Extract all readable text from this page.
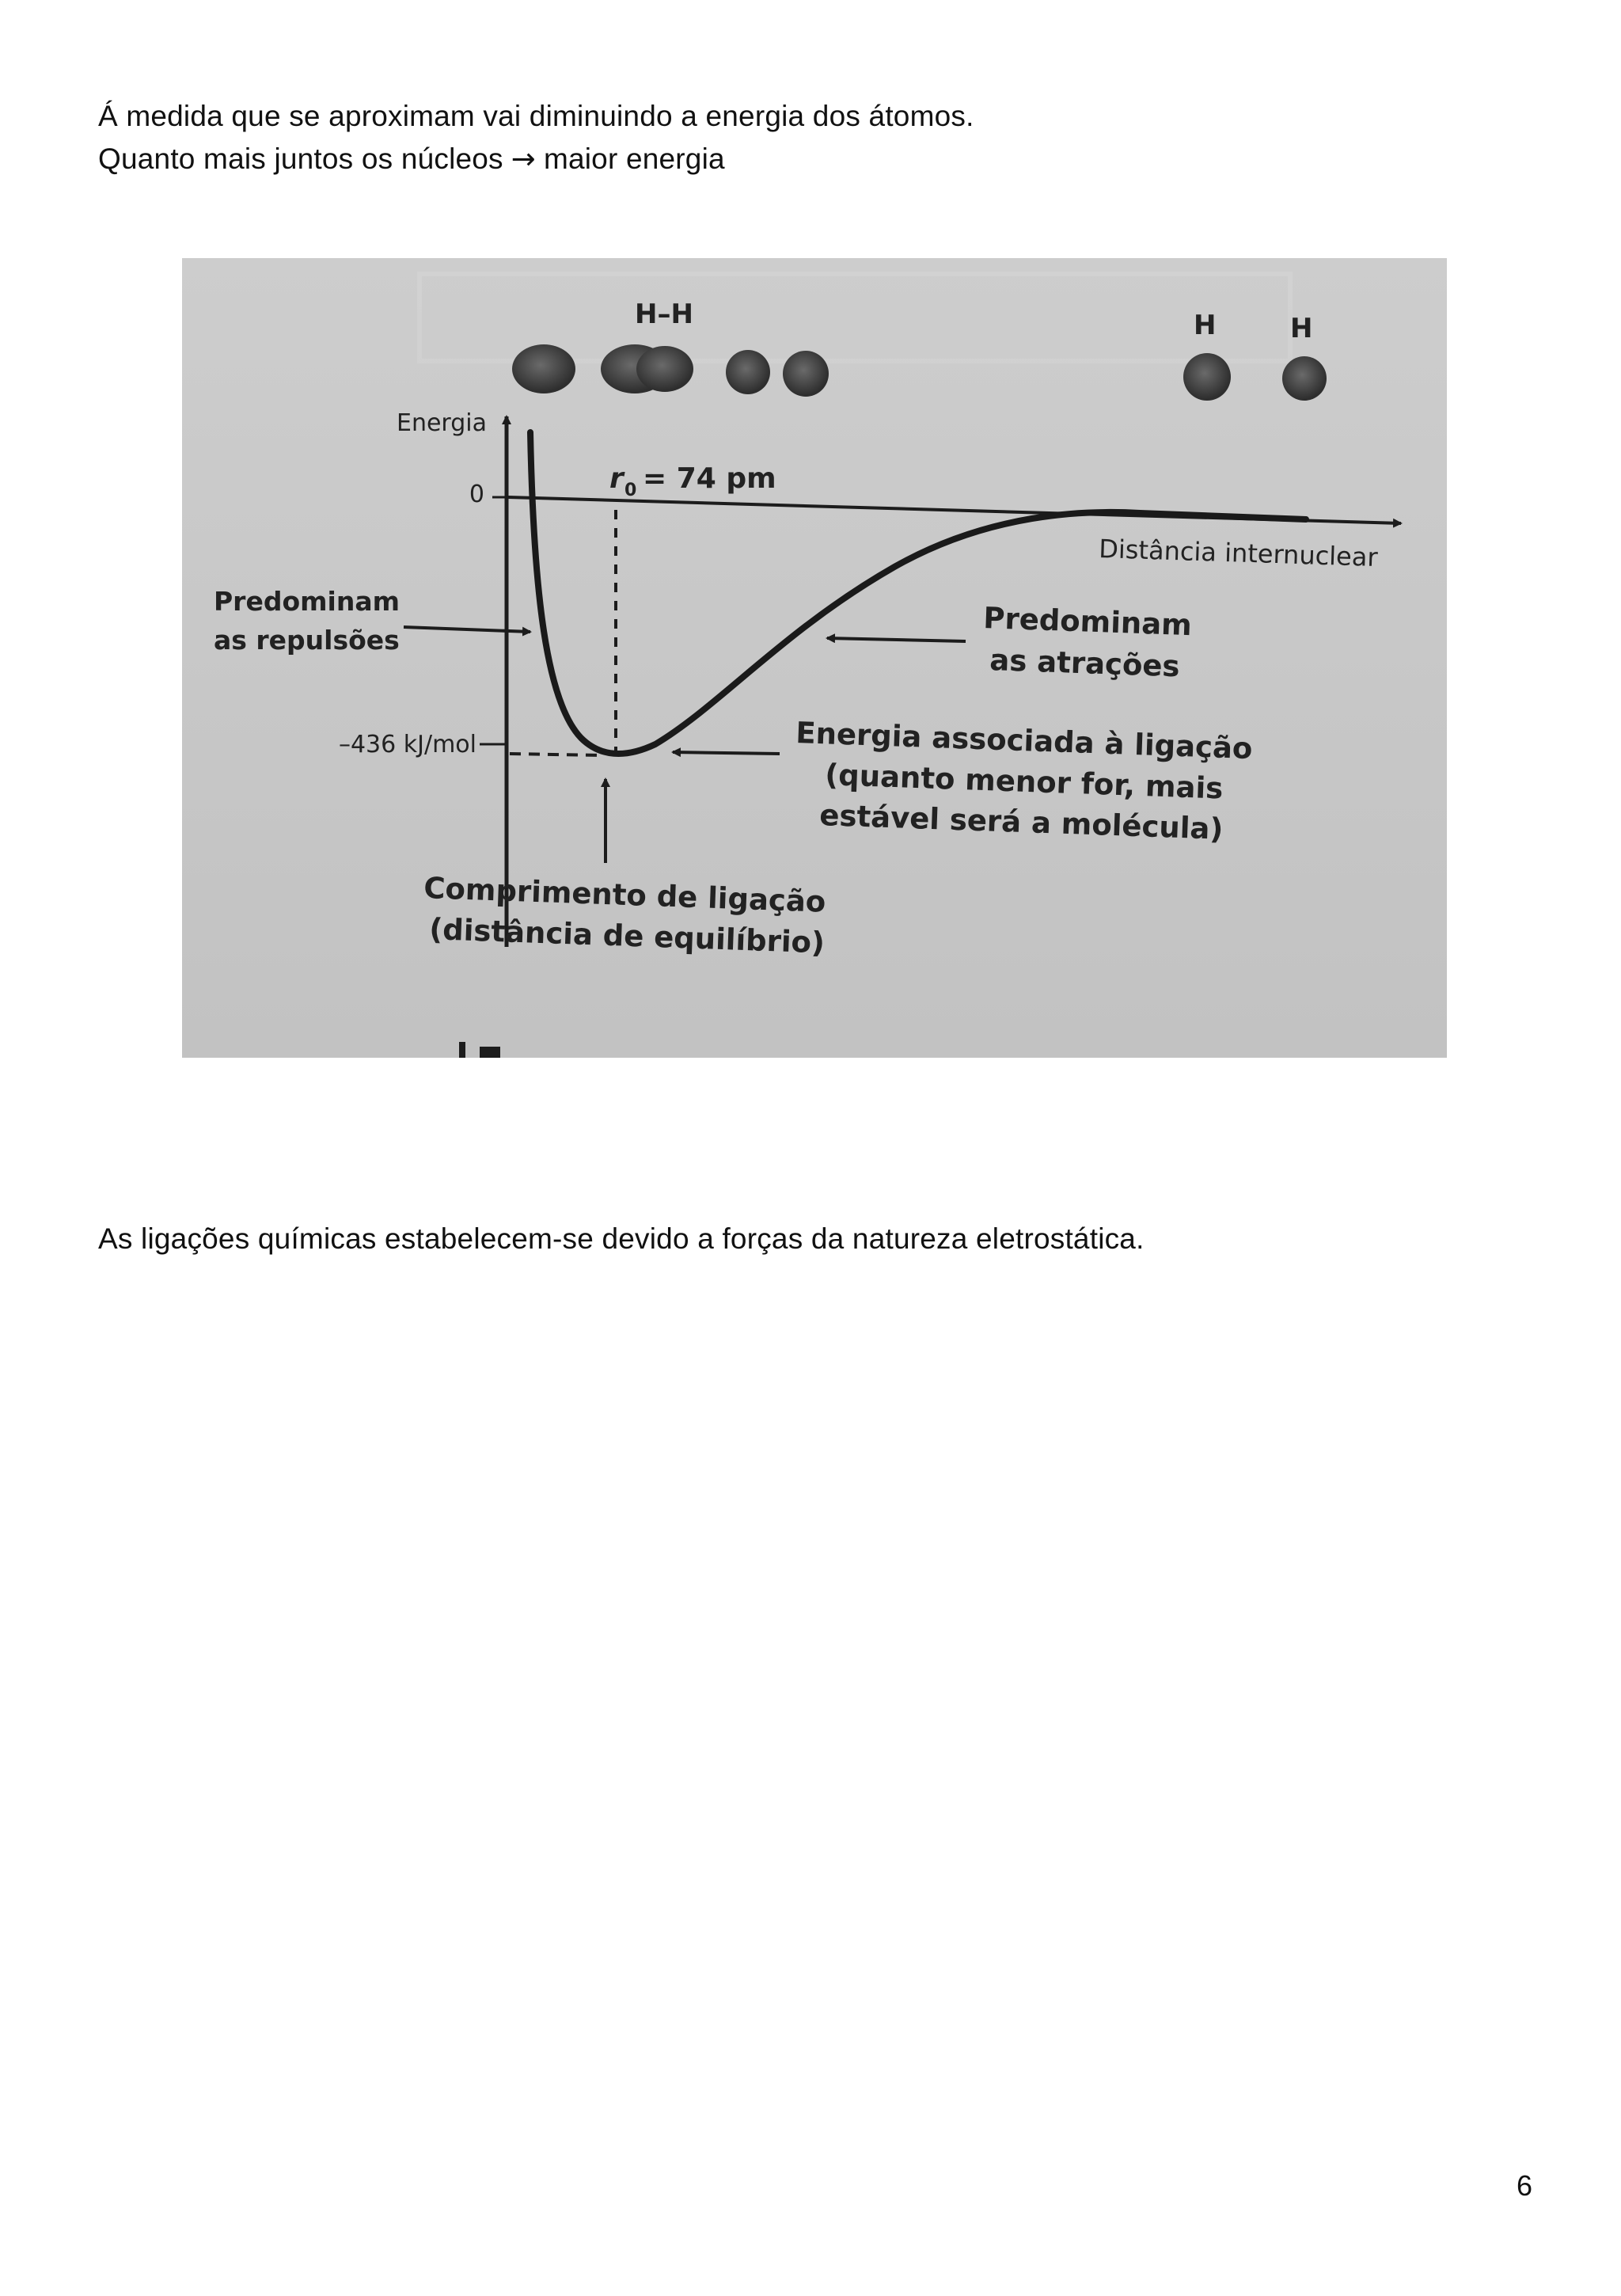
Á medida que se aproximam vai diminuindo a energia dos átomos.
Quanto mais juntos os núcleos → maior energia

H–H	H	H
Energia
0
Distância internuclear
r 0 = 74 pm
–436 kJ/mol
Predominam
as repulsões	Predominam
as atrações
Energia associada à ligação
(quanto menor for, mais
estável será a molécula)
Comprimento de ligação
(distância de equilíbrio)

As ligações químicas estabelecem-se devido a forças da natureza eletrostática.

6
